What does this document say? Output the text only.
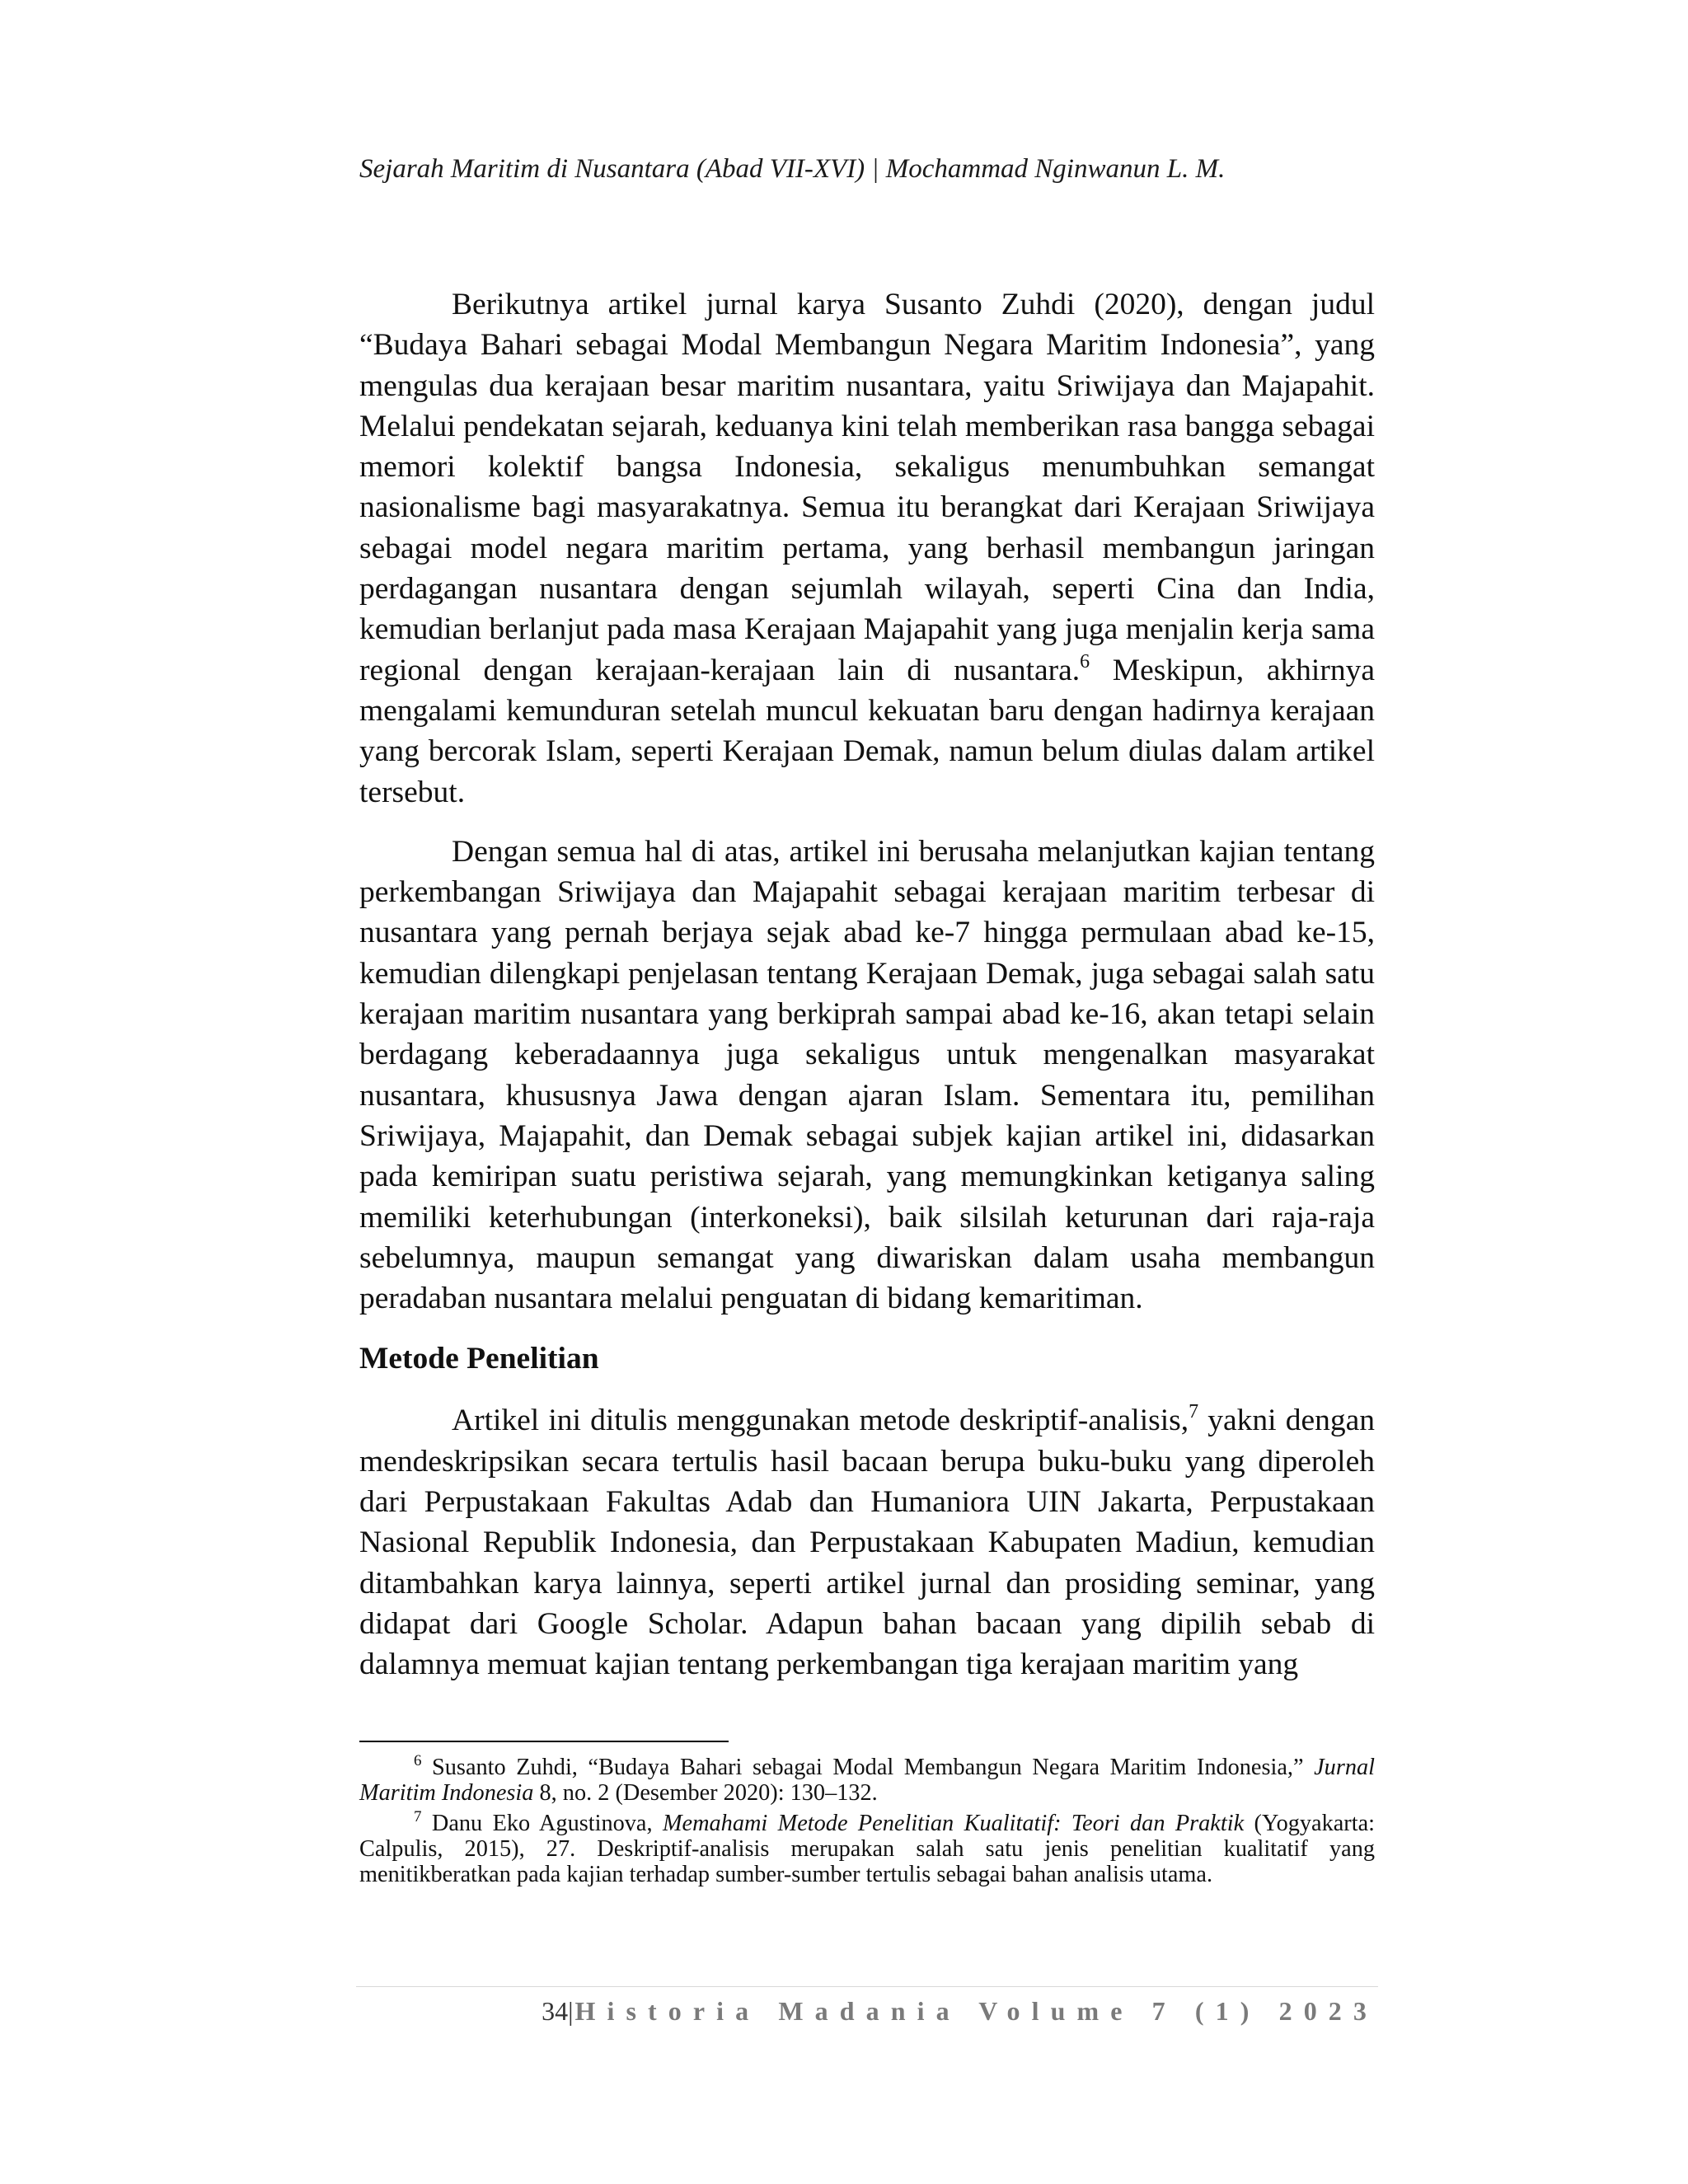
Sejarah Maritim di Nusantara (Abad VII-XVI) | Mochammad Nginwanun L. M.

Berikutnya artikel jurnal karya Susanto Zuhdi (2020), dengan judul “Budaya Bahari sebagai Modal Membangun Negara Maritim Indonesia”, yang mengulas dua kerajaan besar maritim nusantara, yaitu Sriwijaya dan Majapahit. Melalui pendekatan sejarah, keduanya kini telah memberikan rasa bangga sebagai memori kolektif bangsa Indonesia, sekaligus menumbuhkan semangat nasionalisme bagi masyarakatnya. Semua itu berangkat dari Kerajaan Sriwijaya sebagai model negara maritim pertama, yang berhasil membangun jaringan perdagangan nusantara dengan sejumlah wilayah, seperti Cina dan India, kemudian berlanjut pada masa Kerajaan Majapahit yang juga menjalin kerja sama regional dengan kerajaan-kerajaan lain di nusantara.$^6$ Meskipun, akhirnya mengalami kemunduran setelah muncul kekuatan baru dengan hadirnya kerajaan yang bercorak Islam, seperti Kerajaan Demak, namun belum diulas dalam artikel tersebut.

Dengan semua hal di atas, artikel ini berusaha melanjutkan kajian tentang perkembangan Sriwijaya dan Majapahit sebagai kerajaan maritim terbesar di nusantara yang pernah berjaya sejak abad ke-7 hingga permulaan abad ke-15, kemudian dilengkapi penjelasan tentang Kerajaan Demak, juga sebagai salah satu kerajaan maritim nusantara yang berkiprah sampai abad ke-16, akan tetapi selain berdagang keberadaannya juga sekaligus untuk mengenalkan masyarakat nusantara, khususnya Jawa dengan ajaran Islam. Sementara itu, pemilihan Sriwijaya, Majapahit, dan Demak sebagai subjek kajian artikel ini, didasarkan pada kemiripan suatu peristiwa sejarah, yang memungkinkan ketiganya saling memiliki keterhubungan (interkoneksi), baik silsilah keturunan dari raja-raja sebelumnya, maupun semangat yang diwariskan dalam usaha membangun peradaban nusantara melalui penguatan di bidang kemaritiman.

Metode Penelitian

Artikel ini ditulis menggunakan metode deskriptif-analisis,$^7$ yakni dengan mendeskripsikan secara tertulis hasil bacaan berupa buku-buku yang diperoleh dari Perpustakaan Fakultas Adab dan Humaniora UIN Jakarta, Perpustakaan Nasional Republik Indonesia, dan Perpustakaan Kabupaten Madiun, kemudian ditambahkan karya lainnya, seperti artikel jurnal dan prosiding seminar, yang didapat dari Google Scholar. Adapun bahan bacaan yang dipilih sebab di dalamnya memuat kajian tentang perkembangan tiga kerajaan maritim yang

$^6$ Susanto Zuhdi, “Budaya Bahari sebagai Modal Membangun Negara Maritim Indonesia,” Jurnal Maritim Indonesia 8, no. 2 (Desember 2020): 130–132.

$^7$ Danu Eko Agustinova, Memahami Metode Penelitian Kualitatif: Teori dan Praktik (Yogyakarta: Calpulis, 2015), 27. Deskriptif-analisis merupakan salah satu jenis penelitian kualitatif yang menitikberatkan pada kajian terhadap sumber-sumber tertulis sebagai bahan analisis utama.

34|Historia Madania Volume 7 (1) 2023
